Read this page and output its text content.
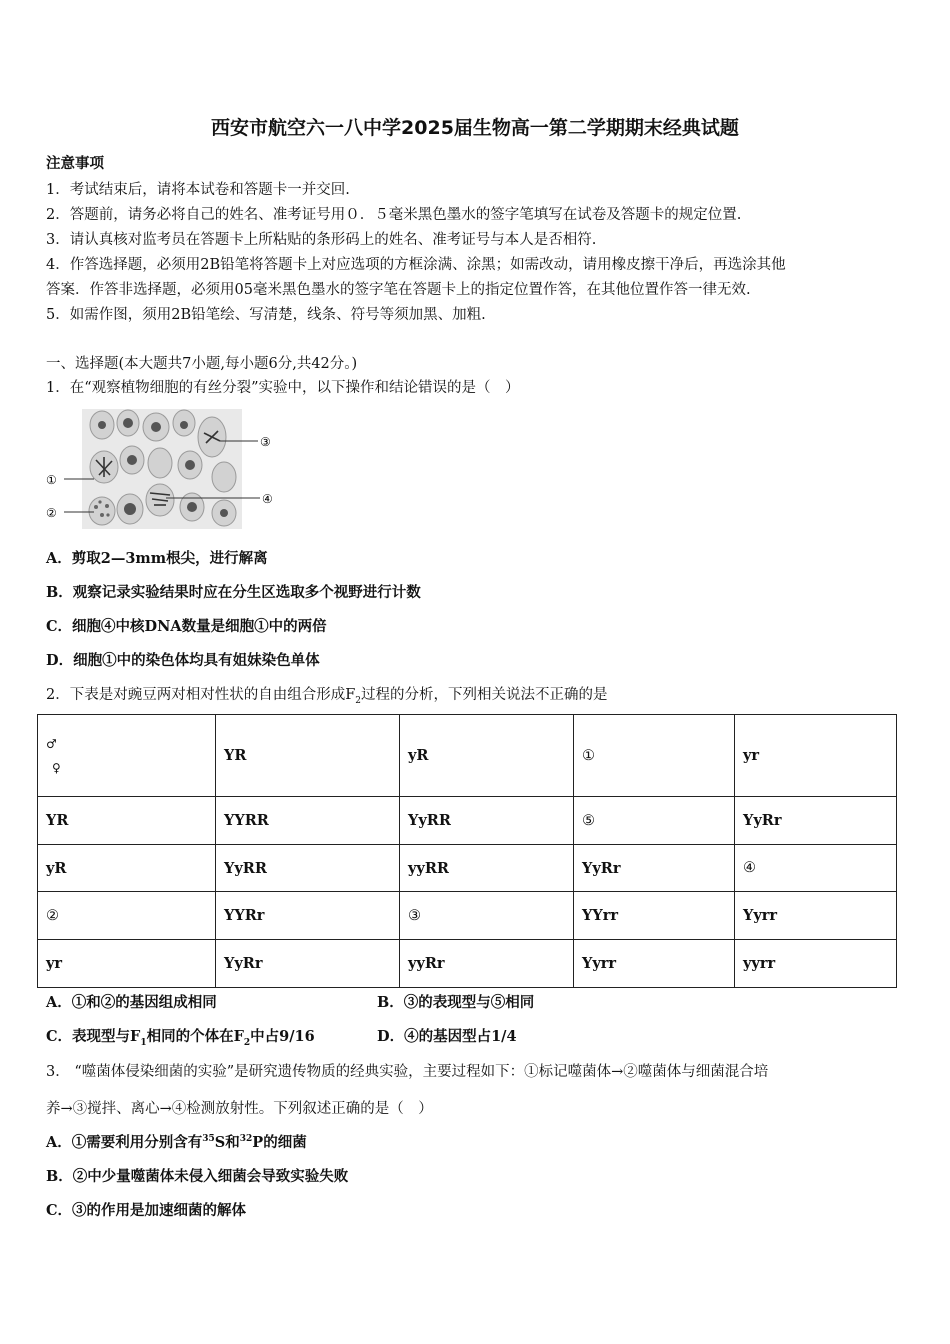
西安市航空六一八中学2025届生物高一第二学期期末经典试题
注意事项
1．考试结束后，请将本试卷和答题卡一并交回.
2．答题前，请务必将自己的姓名、准考证号用０．５毫米黑色墨水的签字笔填写在试卷及答题卡的规定位置.
3．请认真核对监考员在答题卡上所粘贴的条形码上的姓名、准考证号与本人是否相符.
4．作答选择题，必须用2B铅笔将答题卡上对应选项的方框涂满、涂黑；如需改动，请用橡皮擦干净后，再选涂其他
答案．作答非选择题，必须用05毫米黑色墨水的签字笔在答题卡上的指定位置作答，在其他位置作答一律无效.
5．如需作图，须用2B铅笔绘、写清楚，线条、符号等须加黑、加粗.
一、选择题(本大题共7小题,每小题6分,共42分。)
1．在“观察植物细胞的有丝分裂”实验中，以下操作和结论错误的是（　）
①
②
③
④
A．剪取2—3mm根尖，进行解离
B．观察记录实验结果时应在分生区选取多个视野进行计数
C．细胞④中核DNA数量是细胞①中的两倍
D．细胞①中的染色体均具有姐妹染色单体
2．下表是对豌豆两对相对性状的自由组合形成$F_2$过程的分析，下列相关说法不正确的是
♂
♀	YR	yR	①	yr
YR	YYRR	YyRR	⑤	YyRr
yR	YyRR	yyRR	YyRr	④
②	YYRr	③	YYrr	Yyrr
yr	YyRr	yyRr	Yyrr	yyrr
A．①和②的基因组成相同	B．③的表现型与⑤相同
C．表现型与$F_1$相同的个体在$F_2$中占9/16	D．④的基因型占1/4
3． “噬菌体侵染细菌的实验”是研究遗传物质的经典实验，主要过程如下：①标记噬菌体→②噬菌体与细菌混合培
养→③搅拌、离心→④检测放射性。下列叙述正确的是（　）
A．①需要利用分别含有$^{35}$S和$^{32}$P的细菌
B．②中少量噬菌体未侵入细菌会导致实验失败
C．③的作用是加速细菌的解体
